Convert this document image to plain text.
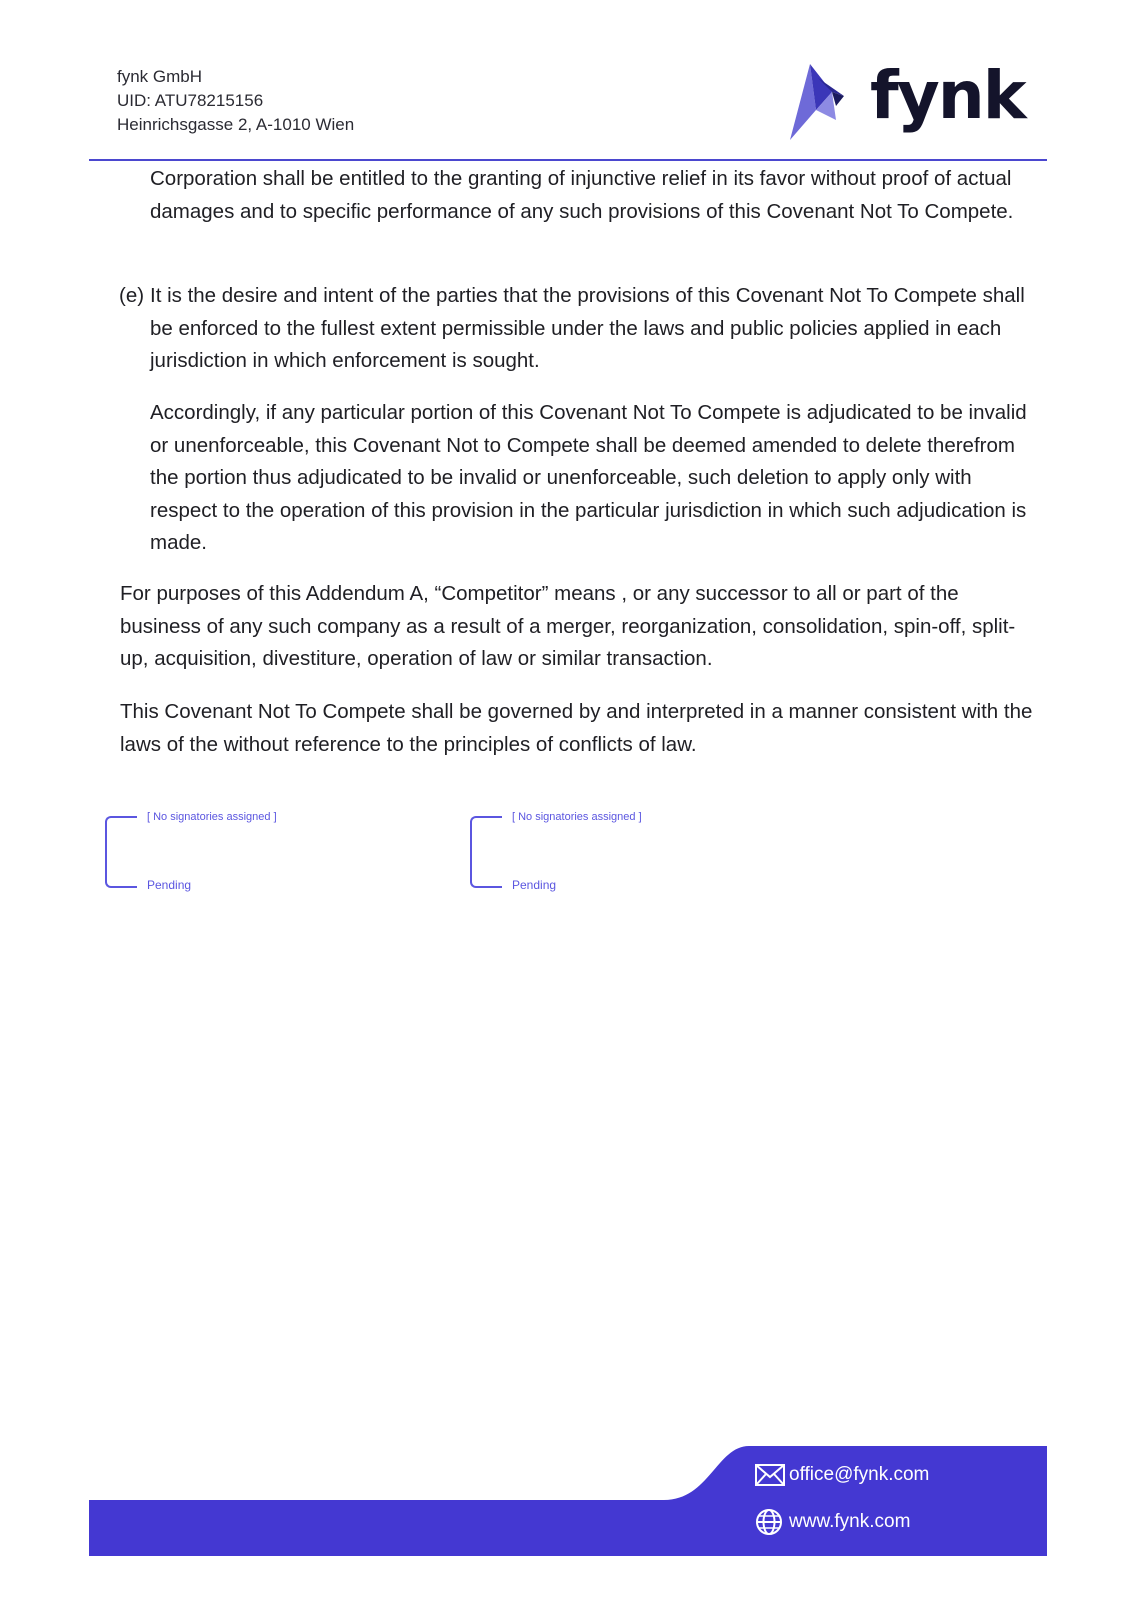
fynk GmbH
UID: ATU78215156
Heinrichsgasse 2, A-1010 Wien	fynk
Corporation shall be entitled to the granting of injunctive relief in its favor without proof of actual damages and to specific performance of any such provisions of this Covenant Not To Compete.
(e) It is the desire and intent of the parties that the provisions of this Covenant Not To Compete shall be enforced to the fullest extent permissible under the laws and public policies applied in each jurisdiction in which enforcement is sought.
Accordingly, if any particular portion of this Covenant Not To Compete is adjudicated to be invalid or unenforceable, this Covenant Not to Compete shall be deemed amended to delete therefrom the portion thus adjudicated to be invalid or unenforceable, such deletion to apply only with respect to the operation of this provision in the particular jurisdiction in which such adjudication is made.
For purposes of this Addendum A, “Competitor” means , or any successor to all or part of the business of any such company as a result of a merger, reorganization, consolidation, spin-off, split-up, acquisition, divestiture, operation of law or similar transaction.
This Covenant Not To Compete shall be governed by and interpreted in a manner consistent with the laws of the without reference to the principles of conflicts of law.
[ No signatories assigned ]
Pending
[ No signatories assigned ]
Pending
office@fynk.com
www.fynk.com
